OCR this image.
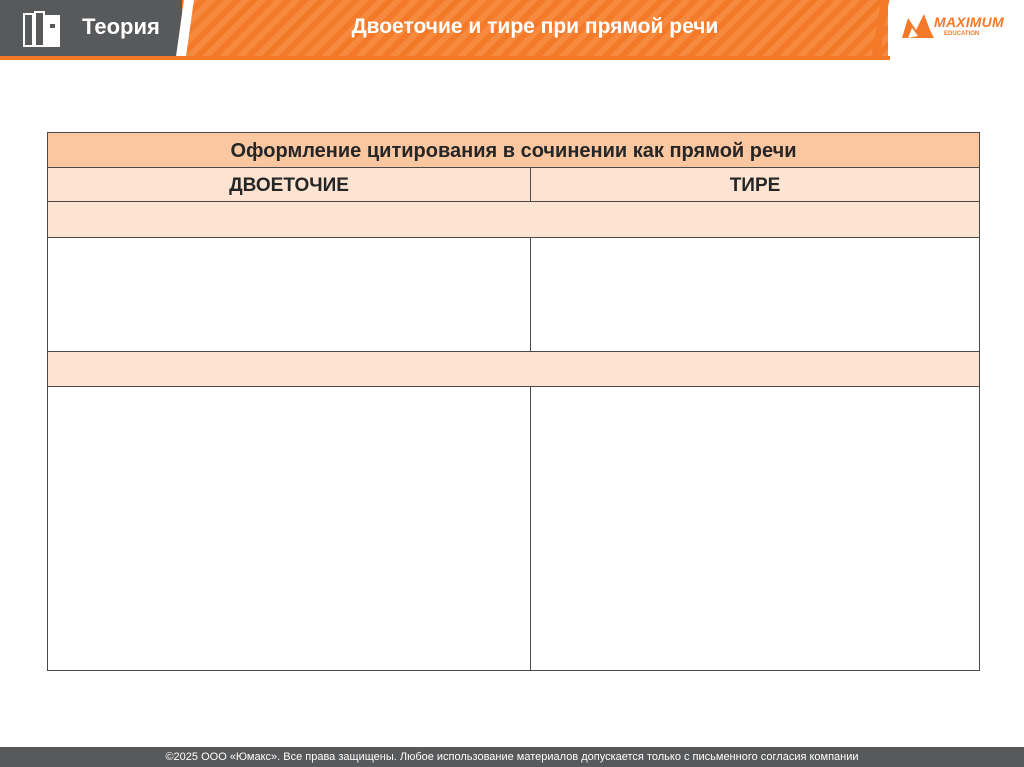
Теория	Двоеточие и тире при прямой речи	MAXIMUM
EDUCATION
Оформление цитирования в сочинении как прямой речи
ДВОЕТОЧИЕ	ТИРЕ
©2025 ООО «Юмакс». Все права защищены. Любое использование материалов допускается только с письменного согласия компании
